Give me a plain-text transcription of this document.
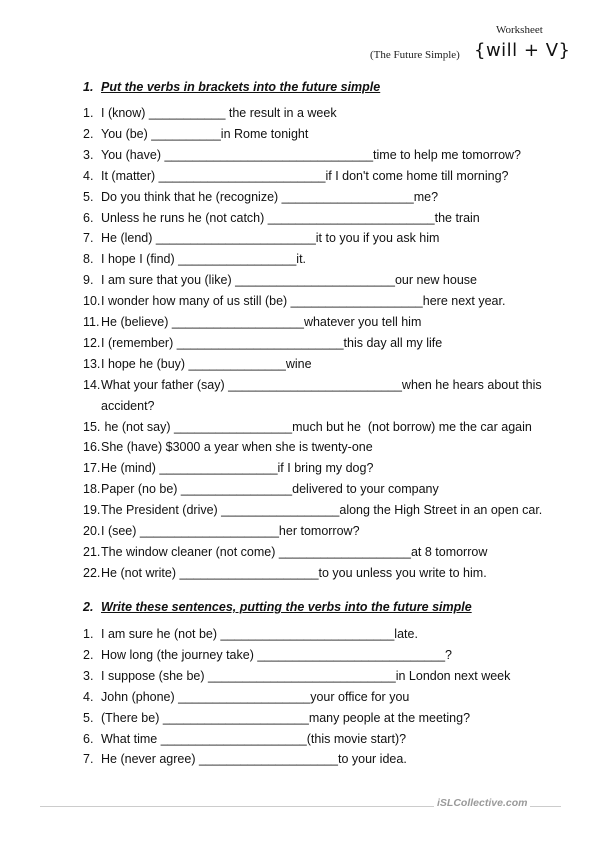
Worksheet
(The Future Simple) {will + V}
1. Put the verbs in brackets into the future simple
1. I (know) ___________ the result in a week
2. You (be) __________in Rome tonight
3. You (have) ______________________________time to help me tomorrow?
4. It (matter) ________________________if I don't come home till morning?
5. Do you think that he (recognize) ___________________me?
6. Unless he runs he (not catch) ________________________the train
7. He (lend) _______________________it to you if you ask him
8. I hope I (find) _________________it.
9. I am sure that you (like) _______________________our new house
10. I wonder how many of us still (be) ___________________here next year.
11. He (believe) ___________________whatever you tell him
12. I (remember) ________________________this day all my life
13. I hope he (buy) ______________wine
14. What your father (say) _________________________when he hears about this
accident?
15. he (not say) _________________much but he  (not borrow) me the car again
16. She (have) $3000 a year when she is twenty-one
17. He (mind) _________________if I bring my dog?
18. Paper (no be) ________________delivered to your company
19. The President (drive) _________________along the High Street in an open car.
20. I (see) ____________________her tomorrow?
21. The window cleaner (not come) ___________________at 8 tomorrow
22. He (not write) ____________________to you unless you write to him.
2. Write these sentences, putting the verbs into the future simple
1. I am sure he (not be) _________________________late.
2. How long (the journey take) ___________________________?
3. I suppose (she be) ___________________________in London next week
4. John (phone) ___________________your office for you
5. (There be) _____________________many people at the meeting?
6. What time _____________________(this movie start)?
7. He (never agree) ____________________to your idea.
iSLCollective.com
